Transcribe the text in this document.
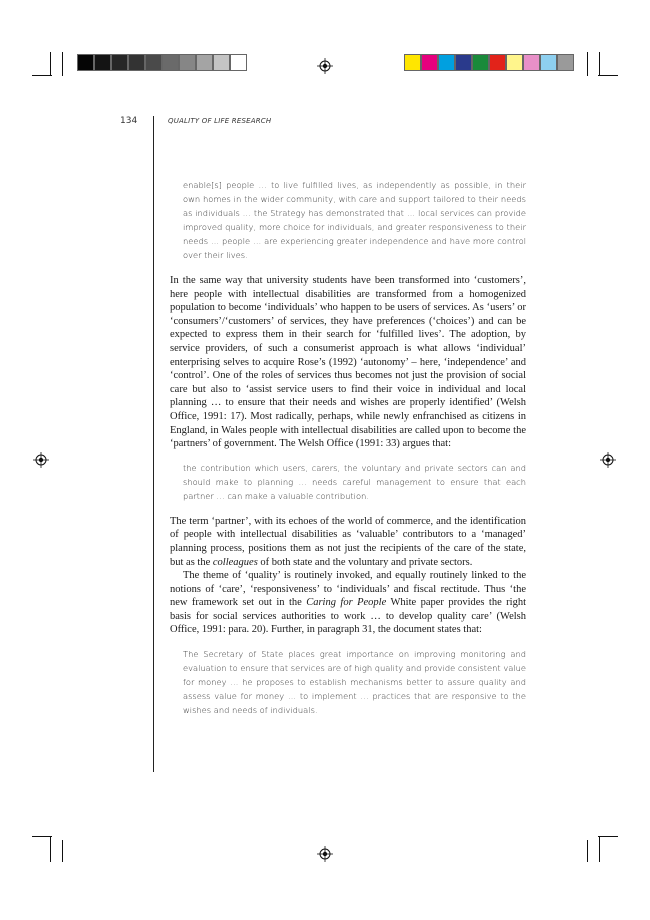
134	QUALITY OF LIFE RESEARCH

enable[s] people … to live fulfilled lives, as independently as possible, in their own homes in the wider community, with care and support tailored to their needs as individuals … the Strategy has demonstrated that … local services can provide improved quality, more choice for individuals, and greater responsiveness to their needs … people … are experiencing greater independence and have more control over their lives.

In the same way that university students have been transformed into ‘customers’, here people with intellectual disabilities are transformed from a homogenized population to become ‘individuals’ who happen to be users of services. As ‘users’ or ‘consumers’/‘customers’ of services, they have preferences (‘choices’) and can be expected to express them in their search for ‘fulfilled lives’. The adoption, by service providers, of such a consumerist approach is what allows ‘individual’ enterprising selves to acquire Rose’s (1992) ‘autonomy’ – here, ‘independence’ and ‘control’. One of the roles of services thus becomes not just the provision of social care but also to ‘assist service users to find their voice in individual and local planning … to ensure that their needs and wishes are properly identified’ (Welsh Office, 1991: 17). Most radically, perhaps, while newly enfranchised as citizens in England, in Wales people with intellectual disabilities are called upon to become the ‘partners’ of government. The Welsh Office (1991: 33) argues that:

the contribution which users, carers, the voluntary and private sectors can and should make to planning … needs careful management to ensure that each partner … can make a valuable contribution.

The term ‘partner’, with its echoes of the world of commerce, and the identification of people with intellectual disabilities as ‘valuable’ contributors to a ‘managed’ planning process, positions them as not just the recipients of the care of the state, but as the colleagues of both state and the voluntary and private sectors.

The theme of ‘quality’ is routinely invoked, and equally routinely linked to the notions of ‘care’, ‘responsiveness’ to ‘individuals’ and fiscal rectitude. Thus ‘the new framework set out in the Caring for People White paper provides the right basis for social services authorities to work … to develop quality care’ (Welsh Office, 1991: para. 20). Further, in paragraph 31, the document states that:

The Secretary of State places great importance on improving monitoring and evaluation to ensure that services are of high quality and provide consistent value for money … he proposes to establish mechanisms better to assure quality and assess value for money … to implement … practices that are responsive to the wishes and needs of individuals.
